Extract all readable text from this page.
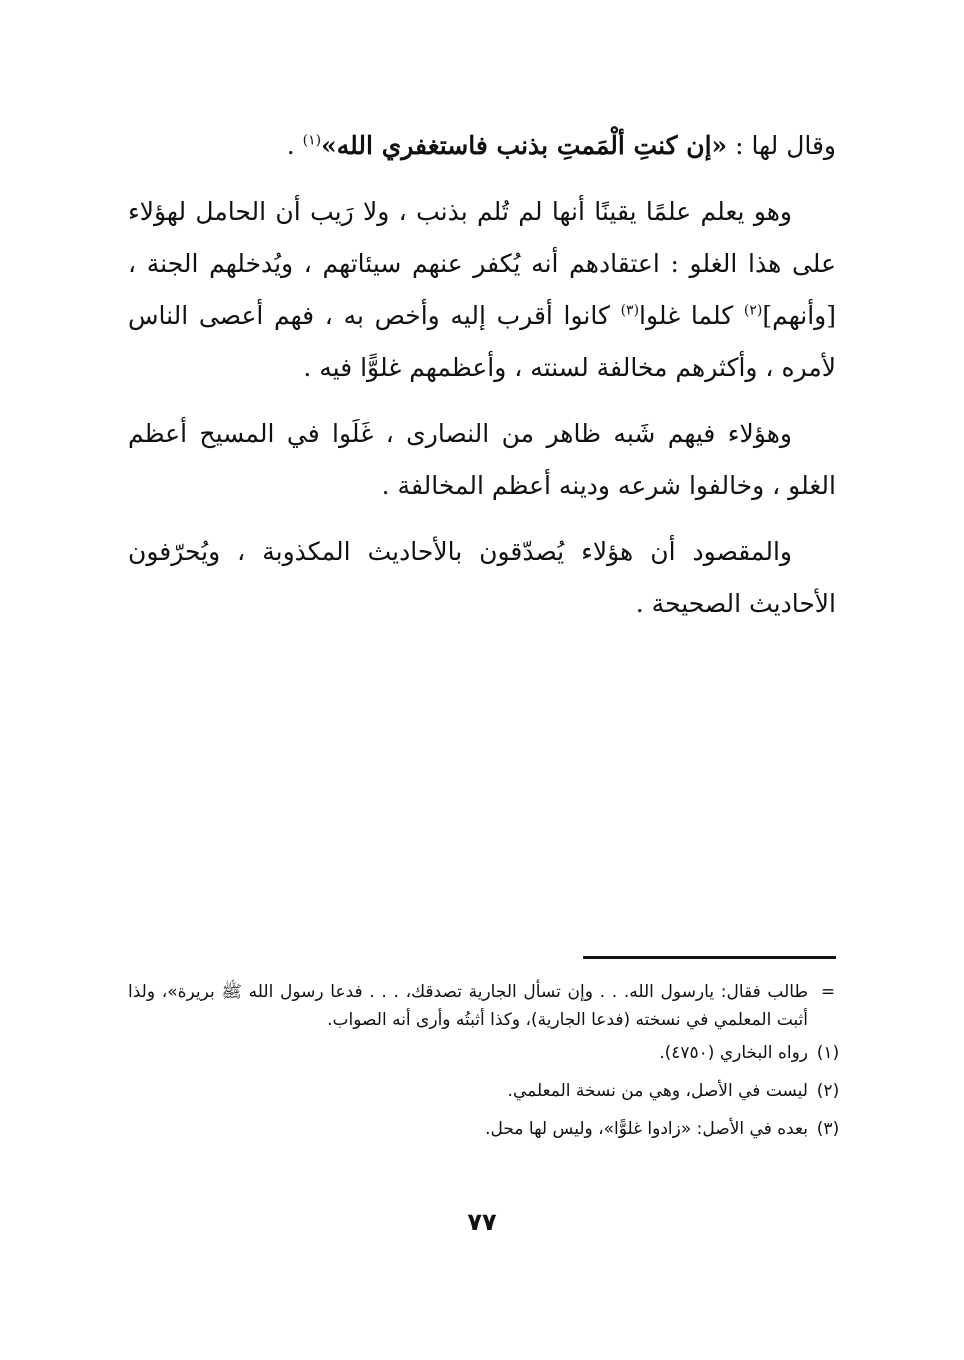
وقال لها : «إن كنتِ ألْمَمتِ بذنب فاستغفري الله»$^{(١)}$ .

وهو يعلم علمًا يقينًا أنها لم تُلم بذنب ، ولا رَيب أن الحامل لهؤلاء على هذا الغلو : اعتقادهم أنه يُكفر عنهم سيئاتهم ، ويُدخلهم الجنة ، [وأنهم]$^{(٢)}$ كلما غلوا$^{(٣)}$ كانوا أقرب إليه وأخص به ، فهم أعصى الناس لأمره ، وأكثرهم مخالفة لسنته ، وأعظمهم غلوًّا فيه .

وهؤلاء فيهم شَبه ظاهر من النصارى ، غَلَوا في المسيح أعظم الغلو ، وخالفوا شرعه ودينه أعظم المخالفة .

والمقصود أن هؤلاء يُصدّقون بالأحاديث المكذوبة ، ويُحرّفون الأحاديث الصحيحة .

=
طالب فقال: يارسول الله. . . وإن تسأل الجارية تصدقك، . . . فدعا رسول الله ﷺ بريرة»، ولذا أثبت المعلمي في نسخته (فدعا الجارية)، وكذا أثبتُه وأرى أنه الصواب.
(١)
رواه البخاري (٤٧٥٠).
(٢)
ليست في الأصل، وهي من نسخة المعلمي.
(٣)
بعده في الأصل: «زادوا غلوًّا»، وليس لها محل.
٧٧
